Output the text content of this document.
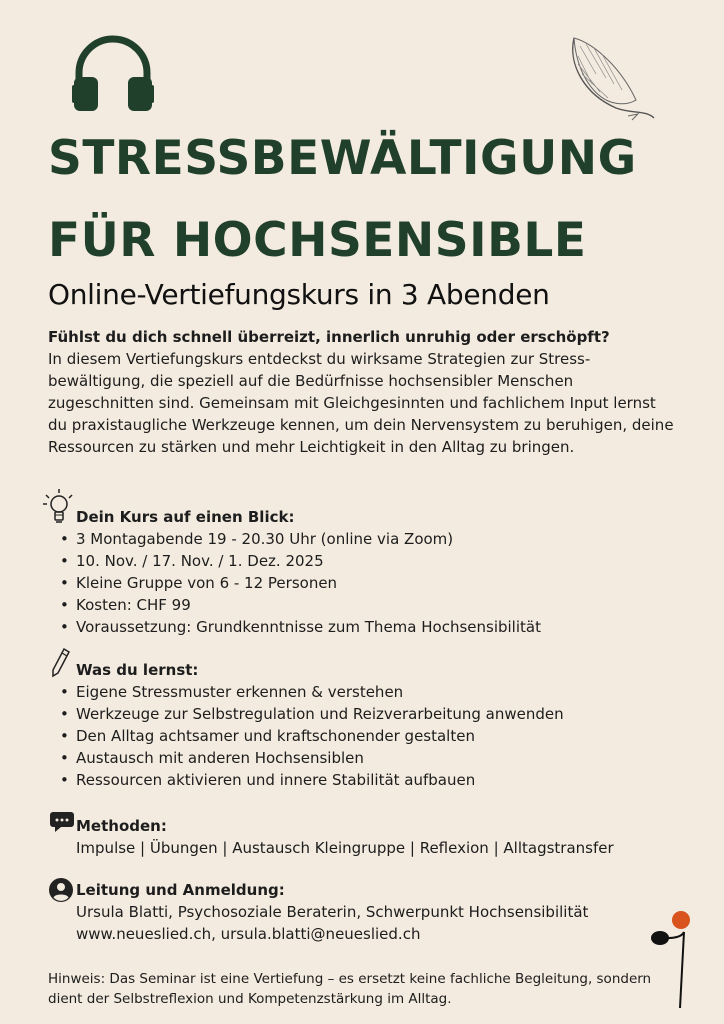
STRESSBEWÄLTIGUNG
FÜR HOCHSENSIBLE
Online-Vertiefungskurs in 3 Abenden
Fühlst du dich schnell überreizt, innerlich unruhig oder erschöpft?
In diesem Vertiefungskurs entdeckst du wirksame Strategien zur Stress-bewältigung, die speziell auf die Bedürfnisse hochsensibler Menschen zugeschnitten sind. Gemeinsam mit Gleichgesinnten und fachlichem Input lernst du praxistaugliche Werkzeuge kennen, um dein Nervensystem zu beruhigen, deine Ressourcen zu stärken und mehr Leichtigkeit in den Alltag zu bringen.
Dein Kurs auf einen Blick:
• 3 Montagabende 19 - 20.30 Uhr (online via Zoom)
• 10. Nov. / 17. Nov. / 1. Dez. 2025
• Kleine Gruppe von 6 - 12 Personen
• Kosten: CHF 99
• Voraussetzung: Grundkenntnisse zum Thema Hochsensibilität
Was du lernst:
• Eigene Stressmuster erkennen & verstehen
• Werkzeuge zur Selbstregulation und Reizverarbeitung anwenden
• Den Alltag achtsamer und kraftschonender gestalten
• Austausch mit anderen Hochsensiblen
• Ressourcen aktivieren und innere Stabilität aufbauen
Methoden:
Impulse | Übungen | Austausch Kleingruppe | Reflexion | Alltagstransfer
Leitung und Anmeldung:
Ursula Blatti, Psychosoziale Beraterin, Schwerpunkt Hochsensibilität
www.neueslied.ch, ursula.blatti@neueslied.ch
Hinweis: Das Seminar ist eine Vertiefung – es ersetzt keine fachliche Begleitung, sondern dient der Selbstreflexion und Kompetenzstärkung im Alltag.
